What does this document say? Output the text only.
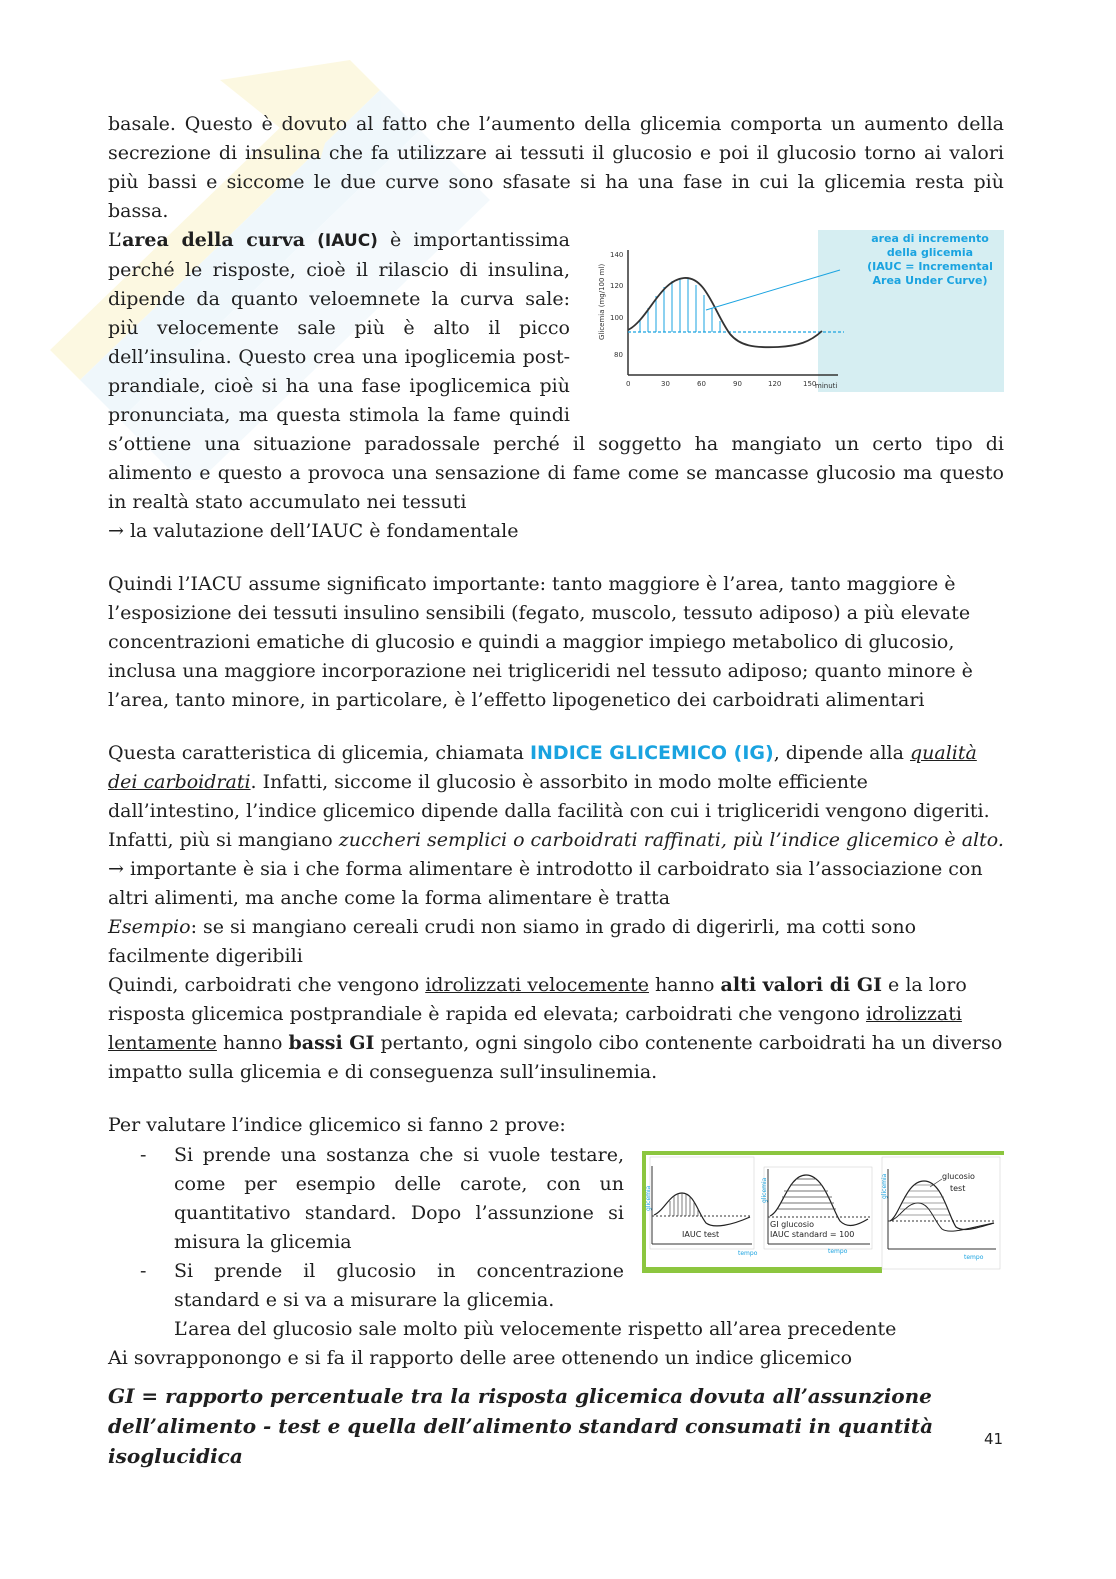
basale. Questo è dovuto al fatto che l’aumento della glicemia comporta un aumento della secrezione di insulina che fa utilizzare ai tessuti il glucosio e poi il glucosio torno ai valori più bassi e siccome le due curve sono sfasate si ha una fase in cui la glicemia resta più bassa.

140
120
100
80
0	30	60	90	120	150
minuti
Glicemia (mg/100 ml)
area di incremento
della glicemia
(IAUC = Incremental
Area Under Curve)

L’area della curva (IAUC) è importantissima perché le risposte, cioè il rilascio di insulina, dipende da quanto veloemnete la curva sale: più velocemente sale più è alto il picco dell’insulina. Questo crea una ipoglicemia post-prandiale, cioè si ha una fase ipoglicemica più pronunciata, ma questa stimola la fame quindi s’ottiene una situazione paradossale perché il soggetto ha mangiato un certo tipo di alimento e questo a provoca una sensazione di fame come se mancasse glucosio ma questo in realtà stato accumulato nei tessuti

→ la valutazione dell’IAUC è fondamentale

Quindi l’IACU assume significato importante: tanto maggiore è l’area, tanto maggiore è l’esposizione dei tessuti insulino sensibili (fegato, muscolo, tessuto adiposo) a più elevate concentrazioni ematiche di glucosio e quindi a maggior impiego metabolico di glucosio, inclusa una maggiore incorporazione nei trigliceridi nel tessuto adiposo; quanto minore è l’area, tanto minore, in particolare, è l’effetto lipogenetico dei carboidrati alimentari

Questa caratteristica di glicemia, chiamata INDICE GLICEMICO (IG), dipende alla qualità dei carboidrati. Infatti, siccome il glucosio è assorbito in modo molte efficiente dall’intestino, l’indice glicemico dipende dalla facilità con cui i trigliceridi vengono digeriti. Infatti, più si mangiano zuccheri semplici o carboidrati raffinati, più l’indice glicemico è alto.

→ importante è sia i che forma alimentare è introdotto il carboidrato sia l’associazione con altri alimenti, ma anche come la forma alimentare è tratta

Esempio: se si mangiano cereali crudi non siamo in grado di digerirli, ma cotti sono facilmente digeribili

Quindi, carboidrati che vengono idrolizzati velocemente hanno alti valori di GI e la loro risposta glicemica postprandiale è rapida ed elevata; carboidrati che vengono idrolizzati lentamente hanno bassi GI pertanto, ogni singolo cibo contenente carboidrati ha un diverso impatto sulla glicemia e di conseguenza sull’insulinemia.

Per valutare l’indice glicemico si fanno 2 prove:

IAUC test
GI glucosio
IAUC standard = 100
glucosio
test
tempo	tempo
tempo
glicemia	glicemia	glicemia
- Si prende una sostanza che si vuole testare, come per esempio delle carote, con un quantitativo standard. Dopo l’assunzione si misura la glicemia
- Si prende il glucosio in concentrazione standard e si va a misurare la glicemia.

L’area del glucosio sale molto più velocemente rispetto all’area precedente

Ai sovrapponongo e si fa il rapporto delle aree ottenendo un indice glicemico

GI = rapporto percentuale tra la risposta glicemica dovuta all’assunzione dell’alimento - test e quella dell’alimento standard consumati in quantità isoglucidica

41
